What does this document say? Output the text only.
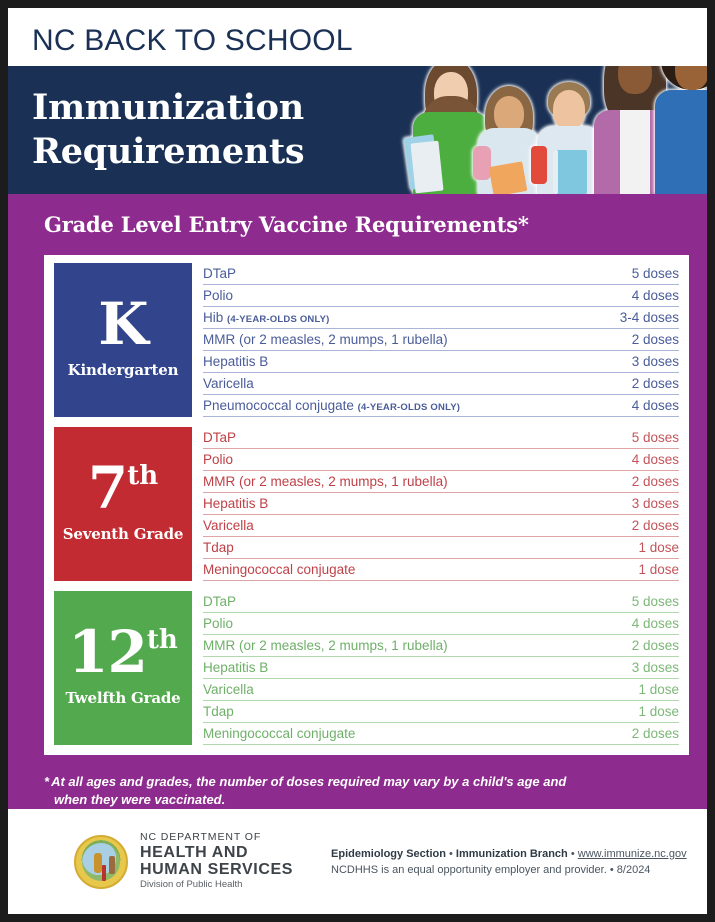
NC BACK TO SCHOOL
Immunization
Requirements
Grade Level Entry Vaccine Requirements*
K
Kindergarten
DTaP	5 doses
Polio	4 doses
Hib (4-YEAR-OLDS ONLY)	3-4 doses
MMR (or 2 measles, 2 mumps, 1 rubella)	2 doses
Hepatitis B	3 doses
Varicella	2 doses
Pneumococcal conjugate (4-YEAR-OLDS ONLY)	4 doses
7 th
Seventh Grade
DTaP	5 doses
Polio	4 doses
MMR (or 2 measles, 2 mumps, 1 rubella)	2 doses
Hepatitis B	3 doses
Varicella	2 doses
Tdap	1 dose
Meningococcal conjugate	1 dose
12 th
Twelfth Grade
DTaP	5 doses
Polio	4 doses
MMR (or 2 measles, 2 mumps, 1 rubella)	2 doses
Hepatitis B	3 doses
Varicella	1 dose
Tdap	1 dose
Meningococcal conjugate	2 doses
* At all ages and grades, the number of doses required may vary by a child's age and
when they were vaccinated.
NC DEPARTMENT OF
HEALTH AND
HUMAN SERVICES
Division of Public Health
Epidemiology Section • Immunization Branch • www.immunize.nc.gov
NCDHHS is an equal opportunity employer and provider. • 8/2024
